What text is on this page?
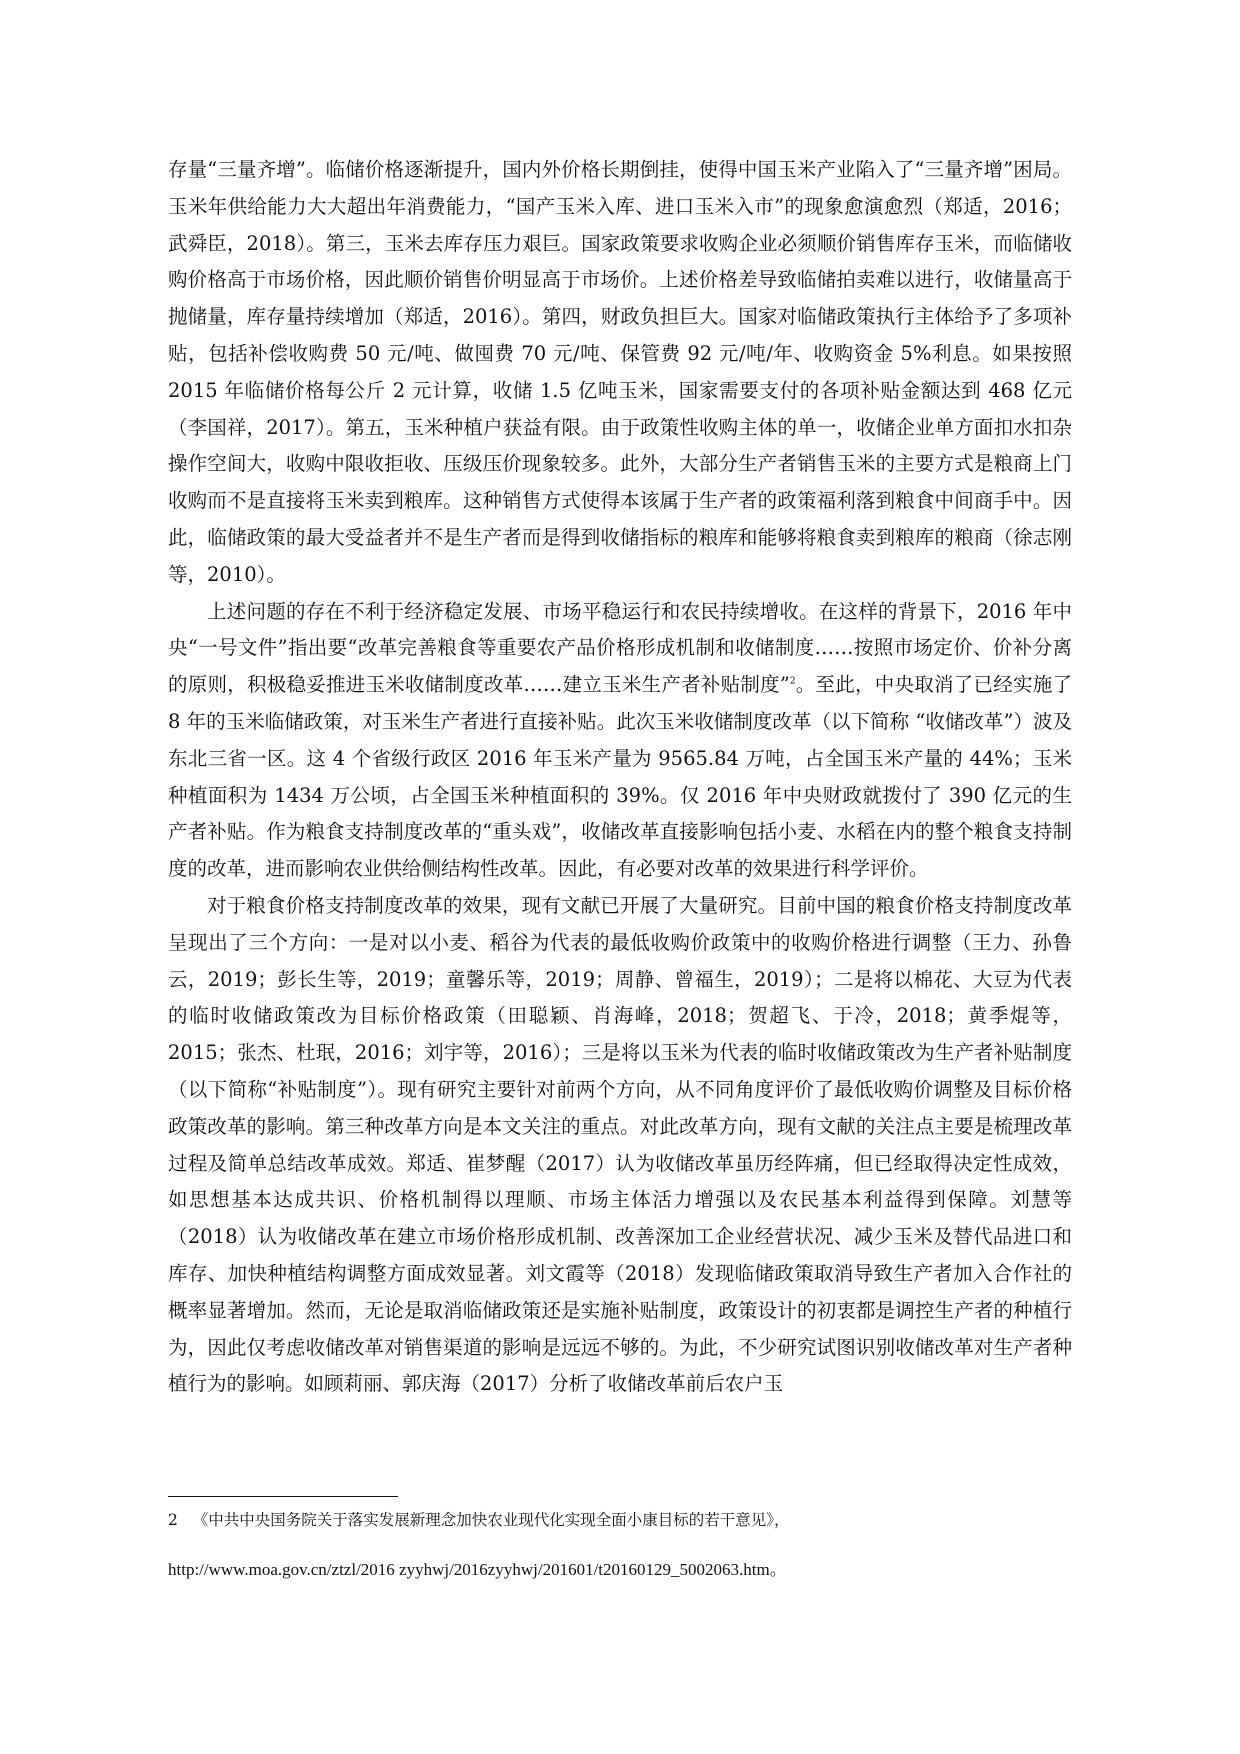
存量“三量齐增”。临储价格逐渐提升，国内外价格长期倒挂，使得中国玉米产业陷入了“三量齐增”困局。玉米年供给能力大大超出年消费能力，“国产玉米入库、进口玉米入市”的现象愈演愈烈（郑适，2016；武舜臣，2018）。第三，玉米去库存压力艰巨。国家政策要求收购企业必须顺价销售库存玉米，而临储收购价格高于市场价格，因此顺价销售价明显高于市场价。上述价格差导致临储拍卖难以进行，收储量高于抛储量，库存量持续增加（郑适，2016）。第四，财政负担巨大。国家对临储政策执行主体给予了多项补贴，包括补偿收购费 50 元/吨、做囤费 70 元/吨、保管费 92 元/吨/年、收购资金 5%利息。如果按照 2015 年临储价格每公斤 2 元计算，收储 1.5 亿吨玉米，国家需要支付的各项补贴金额达到 468 亿元（李国祥，2017）。第五，玉米种植户获益有限。由于政策性收购主体的单一，收储企业单方面扣水扣杂操作空间大，收购中限收拒收、压级压价现象较多。此外，大部分生产者销售玉米的主要方式是粮商上门收购而不是直接将玉米卖到粮库。这种销售方式使得本该属于生产者的政策福利落到粮食中间商手中。因此，临储政策的最大受益者并不是生产者而是得到收储指标的粮库和能够将粮食卖到粮库的粮商（徐志刚等，2010）。

上述问题的存在不利于经济稳定发展、市场平稳运行和农民持续增收。在这样的背景下，2016 年中央“一号文件”指出要“改革完善粮食等重要农产品价格形成机制和收储制度……按照市场定价、价补分离的原则，积极稳妥推进玉米收储制度改革……建立玉米生产者补贴制度”$^2$。至此，中央取消了已经实施了 8 年的玉米临储政策，对玉米生产者进行直接补贴。此次玉米收储制度改革（以下简称 “收储改革”）波及东北三省一区。这 4 个省级行政区 2016 年玉米产量为 9565.84 万吨，占全国玉米产量的 44%；玉米种植面积为 1434 万公顷，占全国玉米种植面积的 39%。仅 2016 年中央财政就拨付了 390 亿元的生产者补贴。作为粮食支持制度改革的“重头戏”，收储改革直接影响包括小麦、水稻在内的整个粮食支持制度的改革，进而影响农业供给侧结构性改革。因此，有必要对改革的效果进行科学评价。

对于粮食价格支持制度改革的效果，现有文献已开展了大量研究。目前中国的粮食价格支持制度改革呈现出了三个方向：一是对以小麦、稻谷为代表的最低收购价政策中的收购价格进行调整（王力、孙鲁云，2019；彭长生等，2019；童馨乐等，2019；周静、曾福生，2019）；二是将以棉花、大豆为代表的临时收储政策改为目标价格政策（田聪颖、肖海峰，2018；贺超飞、于冷，2018；黄季焜等， 2015；张杰、杜珉，2016；刘宇等，2016）；三是将以玉米为代表的临时收储政策改为生产者补贴制度（以下简称“补贴制度”）。现有研究主要针对前两个方向，从不同角度评价了最低收购价调整及目标价格政策改革的影响。第三种改革方向是本文关注的重点。对此改革方向，现有文献的关注点主要是梳理改革过程及简单总结改革成效。郑适、崔梦醒（2017）认为收储改革虽历经阵痛，但已经取得决定性成效，如思想基本达成共识、价格机制得以理顺、市场主体活力增强以及农民基本利益得到保障。刘慧等（2018）认为收储改革在建立市场价格形成机制、改善深加工企业经营状况、减少玉米及替代品进口和库存、加快种植结构调整方面成效显著。刘文霞等（2018）发现临储政策取消导致生产者加入合作社的概率显著增加。然而，无论是取消临储政策还是实施补贴制度，政策设计的初衷都是调控生产者的种植行为，因此仅考虑收储改革对销售渠道的影响是远远不够的。为此，不少研究试图识别收储改革对生产者种植行为的影响。如顾莉丽、郭庆海（2017）分析了收储改革前后农户玉

2 《中共中央国务院关于落实发展新理念加快农业现代化实现全面小康目标的若干意见》，
http://www.moa.gov.cn/ztzl/2016 zyyhwj/2016zyyhwj/201601/t20160129_5002063.htm。
